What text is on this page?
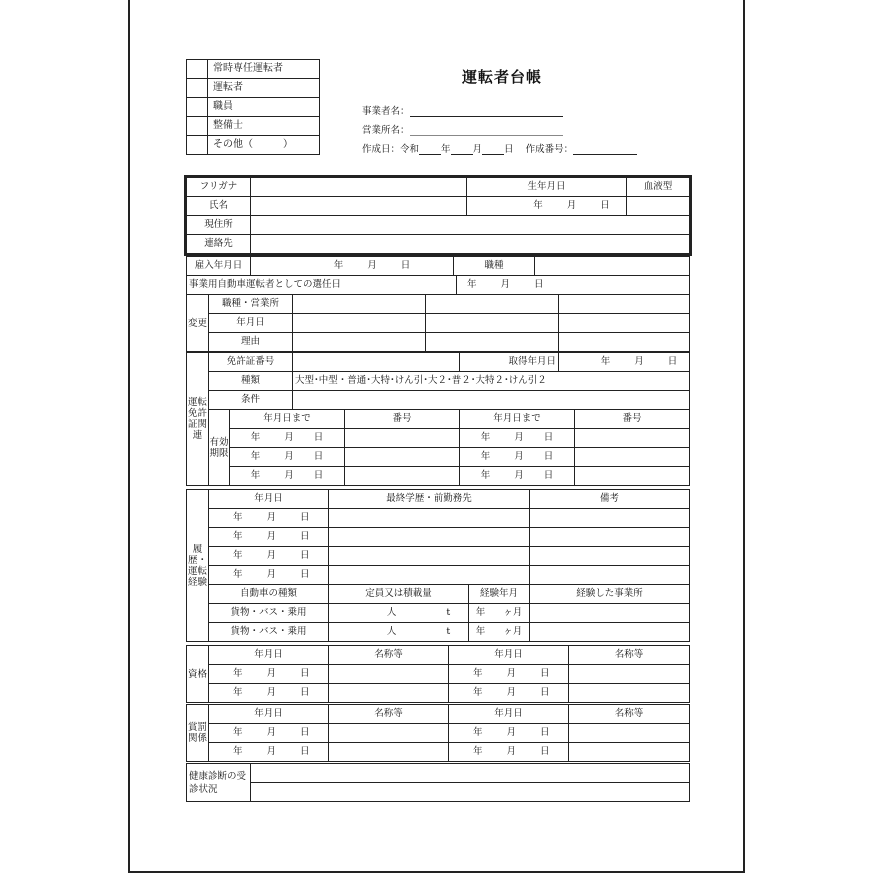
	常時専任運転者
	運転者
	職員
	整備士
	その他（　　　）
運転者台帳
事業者名：
営業所名：
作成日：令和 年 月 日 作成番号：
フリガナ		生年月日	血液型
氏名		年 月 日	
現住所			
連絡先			
雇入年月日	年	月	日	職種	
事業用自動車運転者としての選任日	年	月	日
変更	職種・営業所			
	年月日			
	理由			
運転免許証関連	免許証番号				取得年月日	年 月 日	
	種類		大型･中型・普通･大特･けん引･大２･普２･大特２･けん引２				
	条件						
	有効期限	年月日まで		番号	年月日まで		番号
		年 月 日			年 月 日		
		年 月 日			年 月 日		
		年 月 日			年 月 日		
履歴・運転経験	年月日	最終学歴・前勤務先		備考
	年 月 日			
	年 月 日			
	年 月 日			
	年 月 日			
	自動車の種類	定員又は積載量	経験年月	経験した事業所
	貨物・バス・乗用	人 t	年 ヶ月	
	貨物・バス・乗用	人 t	年 ヶ月	
資格	年月日	名称等	年月日	名称等
	年 月 日		年 月 日	
	年 月 日		年 月 日	
賞罰関係	年月日	名称等	年月日	名称等
	年 月 日		年 月 日	
	年 月 日		年 月 日	
健康診断の受診状況	
